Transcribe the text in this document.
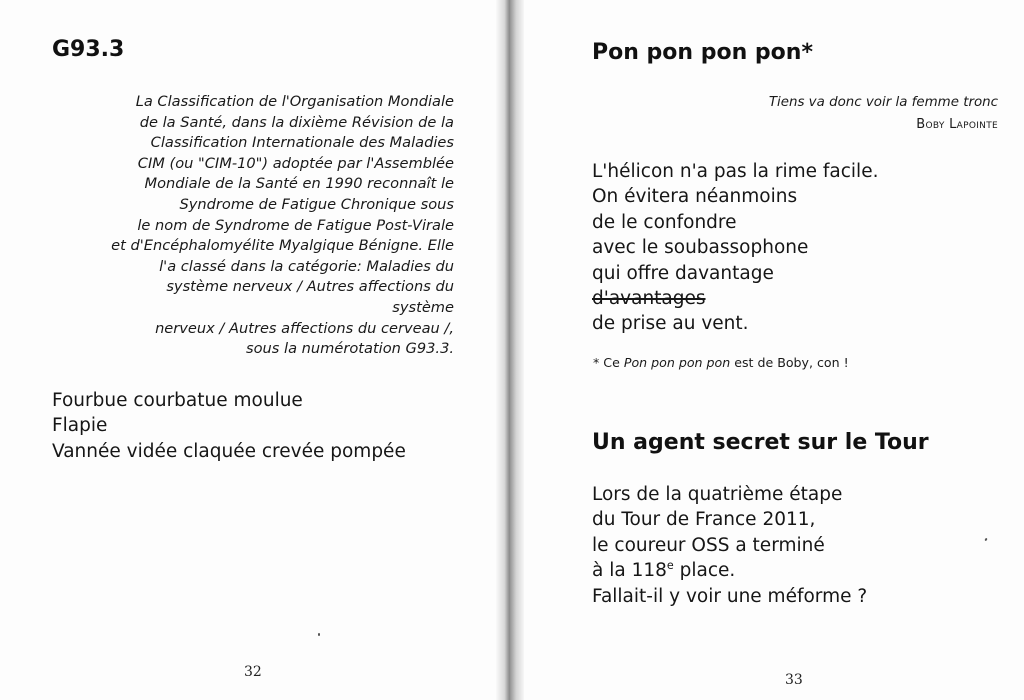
G93.3
La Classification de l'Organisation Mondiale
de la Santé, dans la dixième Révision de la
Classification Internationale des Maladies
CIM (ou "CIM-10") adoptée par l'Assemblée
Mondiale de la Santé en 1990 reconnaît le
Syndrome de Fatigue Chronique sous
le nom de Syndrome de Fatigue Post-Virale
et d'Encéphalomyélite Myalgique Bénigne. Elle
l'a classé dans la catégorie: Maladies du
système nerveux / Autres affections du
système
nerveux / Autres affections du cerveau /,
sous la numérotation G93.3.
Fourbue courbatue moulue
Flapie
Vannée vidée claquée crevée pompée
32
Pon pon pon pon*
Tiens va donc voir la femme tronc
Boby Lapointe
L'hélicon n'a pas la rime facile.
On évitera néanmoins
de le confondre
avec le soubassophone
qui offre davantage
d'avantages
de prise au vent.
* Ce Pon pon pon pon est de Boby, con !
Un agent secret sur le Tour
Lors de la quatrième étape
du Tour de France 2011,
le coureur OSS a terminé
à la 118e place.
Fallait-il y voir une méforme ?
33
